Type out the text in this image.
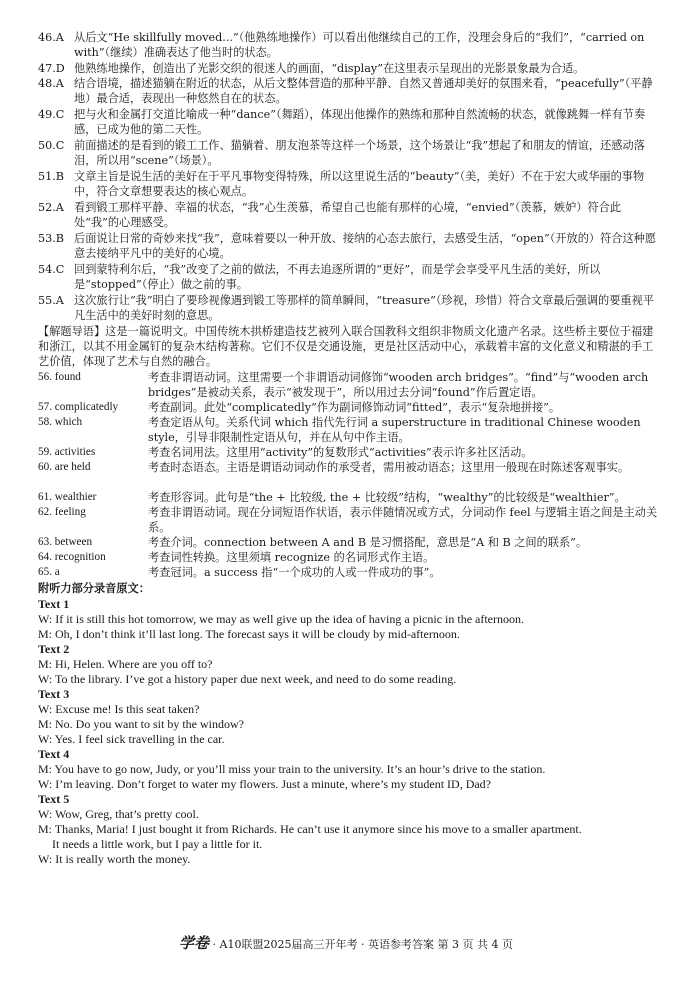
46.A 从后文“He skillfully moved...”（他熟练地操作）可以看出他继续自己的工作，没理会身后的“我们”，“carried on with”（继续）准确表达了他当时的状态。
47.D 他熟练地操作，创造出了光影交织的很迷人的画面，“display”在这里表示呈现出的光影景象最为合适。
48.A 结合语境，描述猫躺在附近的状态，从后文整体营造的那种平静、自然又普通却美好的氛围来看，“peacefully”（平静地）最合适，表现出一种悠然自在的状态。
49.C 把与火和金属打交道比喻成一种“dance”（舞蹈），体现出他操作的熟练和那种自然流畅的状态，就像跳舞一样有节奏感，已成为他的第二天性。
50.C 前面描述的是看到的锻工工作、猫躺着、朋友泡茶等这样一个场景，这个场景让“我”想起了和朋友的情谊，还感动落泪，所以用“scene”（场景）。
51.B 文章主旨是说生活的美好在于平凡事物变得特殊，所以这里说生活的“beauty”（美，美好）不在于宏大或华丽的事物中，符合文章想要表达的核心观点。
52.A 看到锻工那样平静、幸福的状态，“我”心生羡慕，希望自己也能有那样的心境，“envied”（羡慕，嫉妒）符合此处“我”的心理感受。
53.B 后面说让日常的奇妙来找“我”，意味着要以一种开放、接纳的心态去旅行，去感受生活，“open”（开放的）符合这种愿意去接纳平凡中的美好的心境。
54.C 回到蒙特利尔后，“我”改变了之前的做法，不再去追逐所谓的“更好”，而是学会享受平凡生活的美好，所以是“stopped”（停止）做之前的事。
55.A 这次旅行让“我”明白了要珍视像遇到锻工等那样的简单瞬间，“treasure”（珍视，珍惜）符合文章最后强调的要重视平凡生活中的美好时刻的意思。
【解题导语】这是一篇说明文。中国传统木拱桥建造技艺被列入联合国教科文组织非物质文化遗产名录。这些桥主要位于福建和浙江，以其不用金属钉的复杂木结构著称。它们不仅是交通设施，更是社区活动中心，承载着丰富的文化意义和精湛的手工艺价值，体现了艺术与自然的融合。
56. found	考查非谓语动词。这里需要一个非谓语动词修饰“wooden arch bridges”。“find”与“wooden arch bridges”是被动关系，表示“被发现于”，所以用过去分词“found”作后置定语。
57. complicatedly	考查副词。此处“complicatedly”作为副词修饰动词“fitted”，表示“复杂地拼接”。
58. which	考查定语从句。关系代词 which 指代先行词 a superstructure in traditional Chinese wooden style，引导非限制性定语从句，并在从句中作主语。
59. activities	考查名词用法。这里用“activity”的复数形式“activities”表示许多社区活动。
60. are held	考查时态语态。主语是谓语动词动作的承受者，需用被动语态；这里用一般现在时陈述客观事实。
61. wealthier	考查形容词。此句是“the + 比较级, the + 比较级”结构，“wealthy”的比较级是“wealthier”。
62. feeling	考查非谓语动词。现在分词短语作状语，表示伴随情况或方式，分词动作 feel 与逻辑主语之间是主动关系。
63. between	考查介词。connection between A and B 是习惯搭配，意思是“A 和 B 之间的联系”。
64. recognition	考查词性转换。这里须填 recognize 的名词形式作主语。
65. a	考查冠词。a success 指“一个成功的人或一件成功的事”。
附听力部分录音原文：
Text 1
W: If it is still this hot tomorrow, we may as well give up the idea of having a picnic in the afternoon.
M: Oh, I don’t think it’ll last long. The forecast says it will be cloudy by mid-afternoon.
Text 2
M: Hi, Helen. Where are you off to?
W: To the library. I’ve got a history paper due next week, and need to do some reading.
Text 3
W: Excuse me! Is this seat taken?
M: No. Do you want to sit by the window?
W: Yes. I feel sick travelling in the car.
Text 4
M: You have to go now, Judy, or you’ll miss your train to the university. It’s an hour’s drive to the station.
W: I’m leaving. Don’t forget to water my flowers. Just a minute, where’s my student ID, Dad?
Text 5
W: Wow, Greg, that’s pretty cool.
M: Thanks, Maria! I just bought it from Richards. He can’t use it anymore since his move to a smaller apartment.
It needs a little work, but I pay a little for it.
W: It is really worth the money.
学卷 · A10联盟2025届高三开年考 · 英语参考答案 第 3 页 共 4 页
